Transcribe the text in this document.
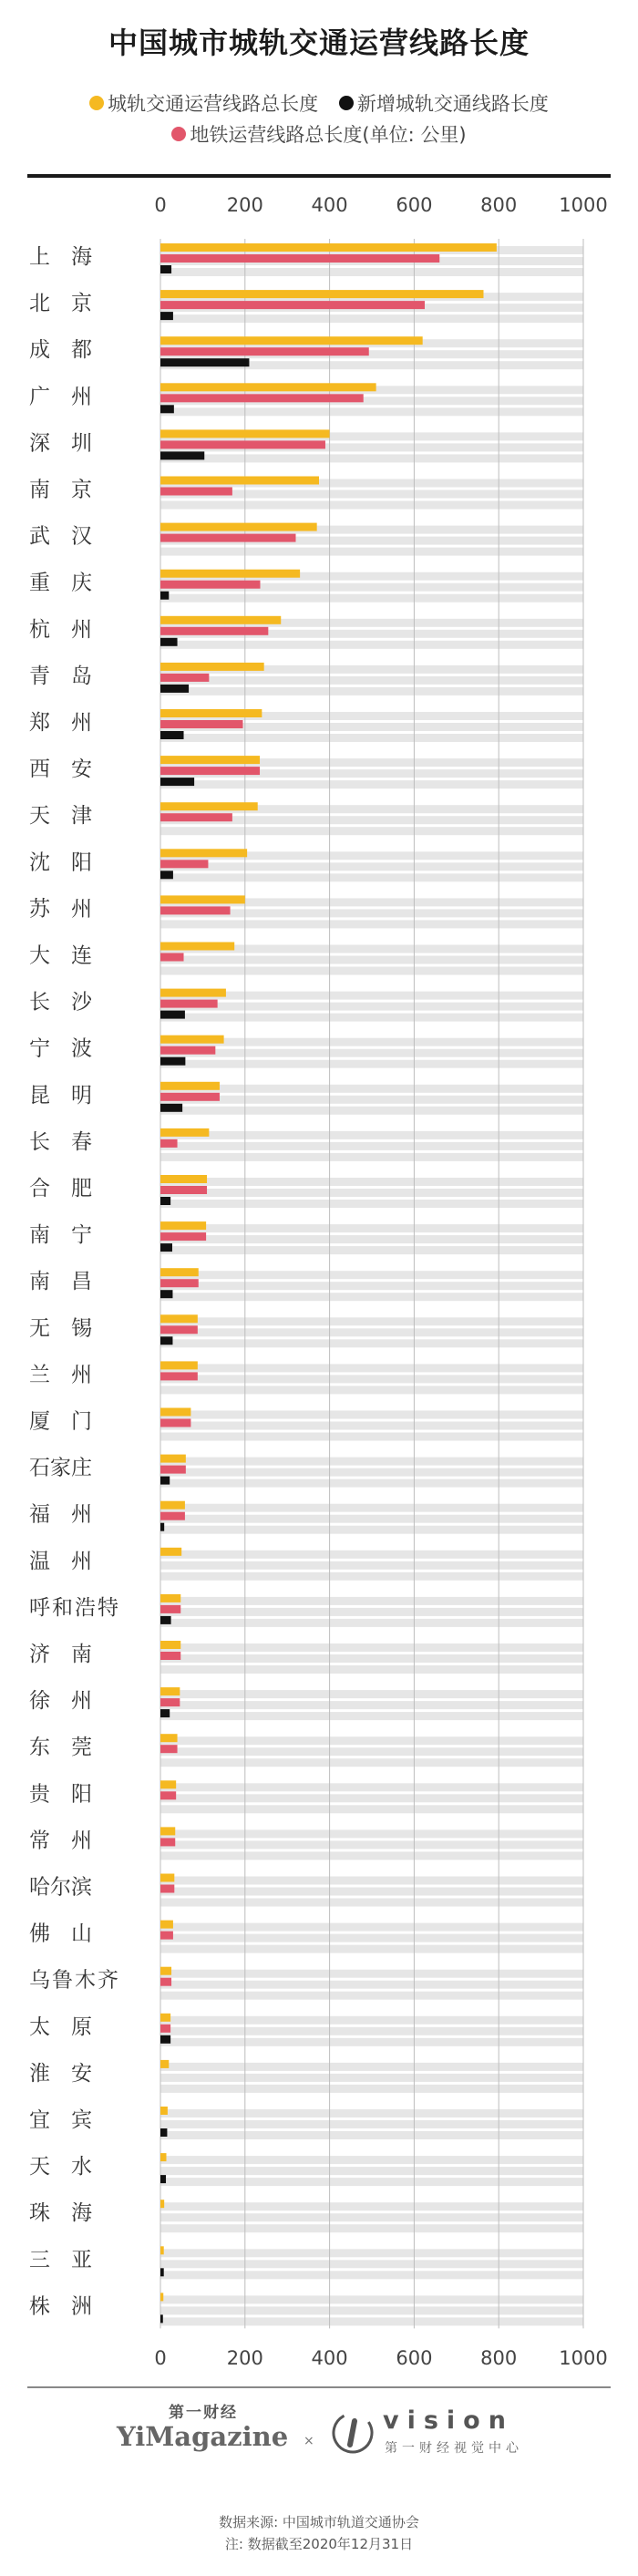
中国城市城轨交通运营线路长度
城轨交通运营线路总长度
新增城轨交通线路长度
地铁运营线路总长度(单位: 公里)
0
0
200
200
400
400
600
600
800
800
1000
1000
上　海
北　京
成　都
广　州
深　圳
南　京
武　汉
重　庆
杭　州
青　岛
郑　州
西　安
天　津
沈　阳
苏　州
大　连
长　沙
宁　波
昆　明
长　春
合　肥
南　宁
南　昌
无　锡
兰　州
厦　门
石家庄
福　州
温　州
呼和浩特
济　南
徐　州
东　莞
贵　阳
常　州
哈尔滨
佛　山
乌鲁木齐
太　原
淮　安
宜　宾
天　水
珠　海
三　亚
株　洲
第一财经
YiMagazine ×
vision
第一财经视觉中心
数据来源: 中国城市轨道交通协会
注: 数据截至2020年12月31日
